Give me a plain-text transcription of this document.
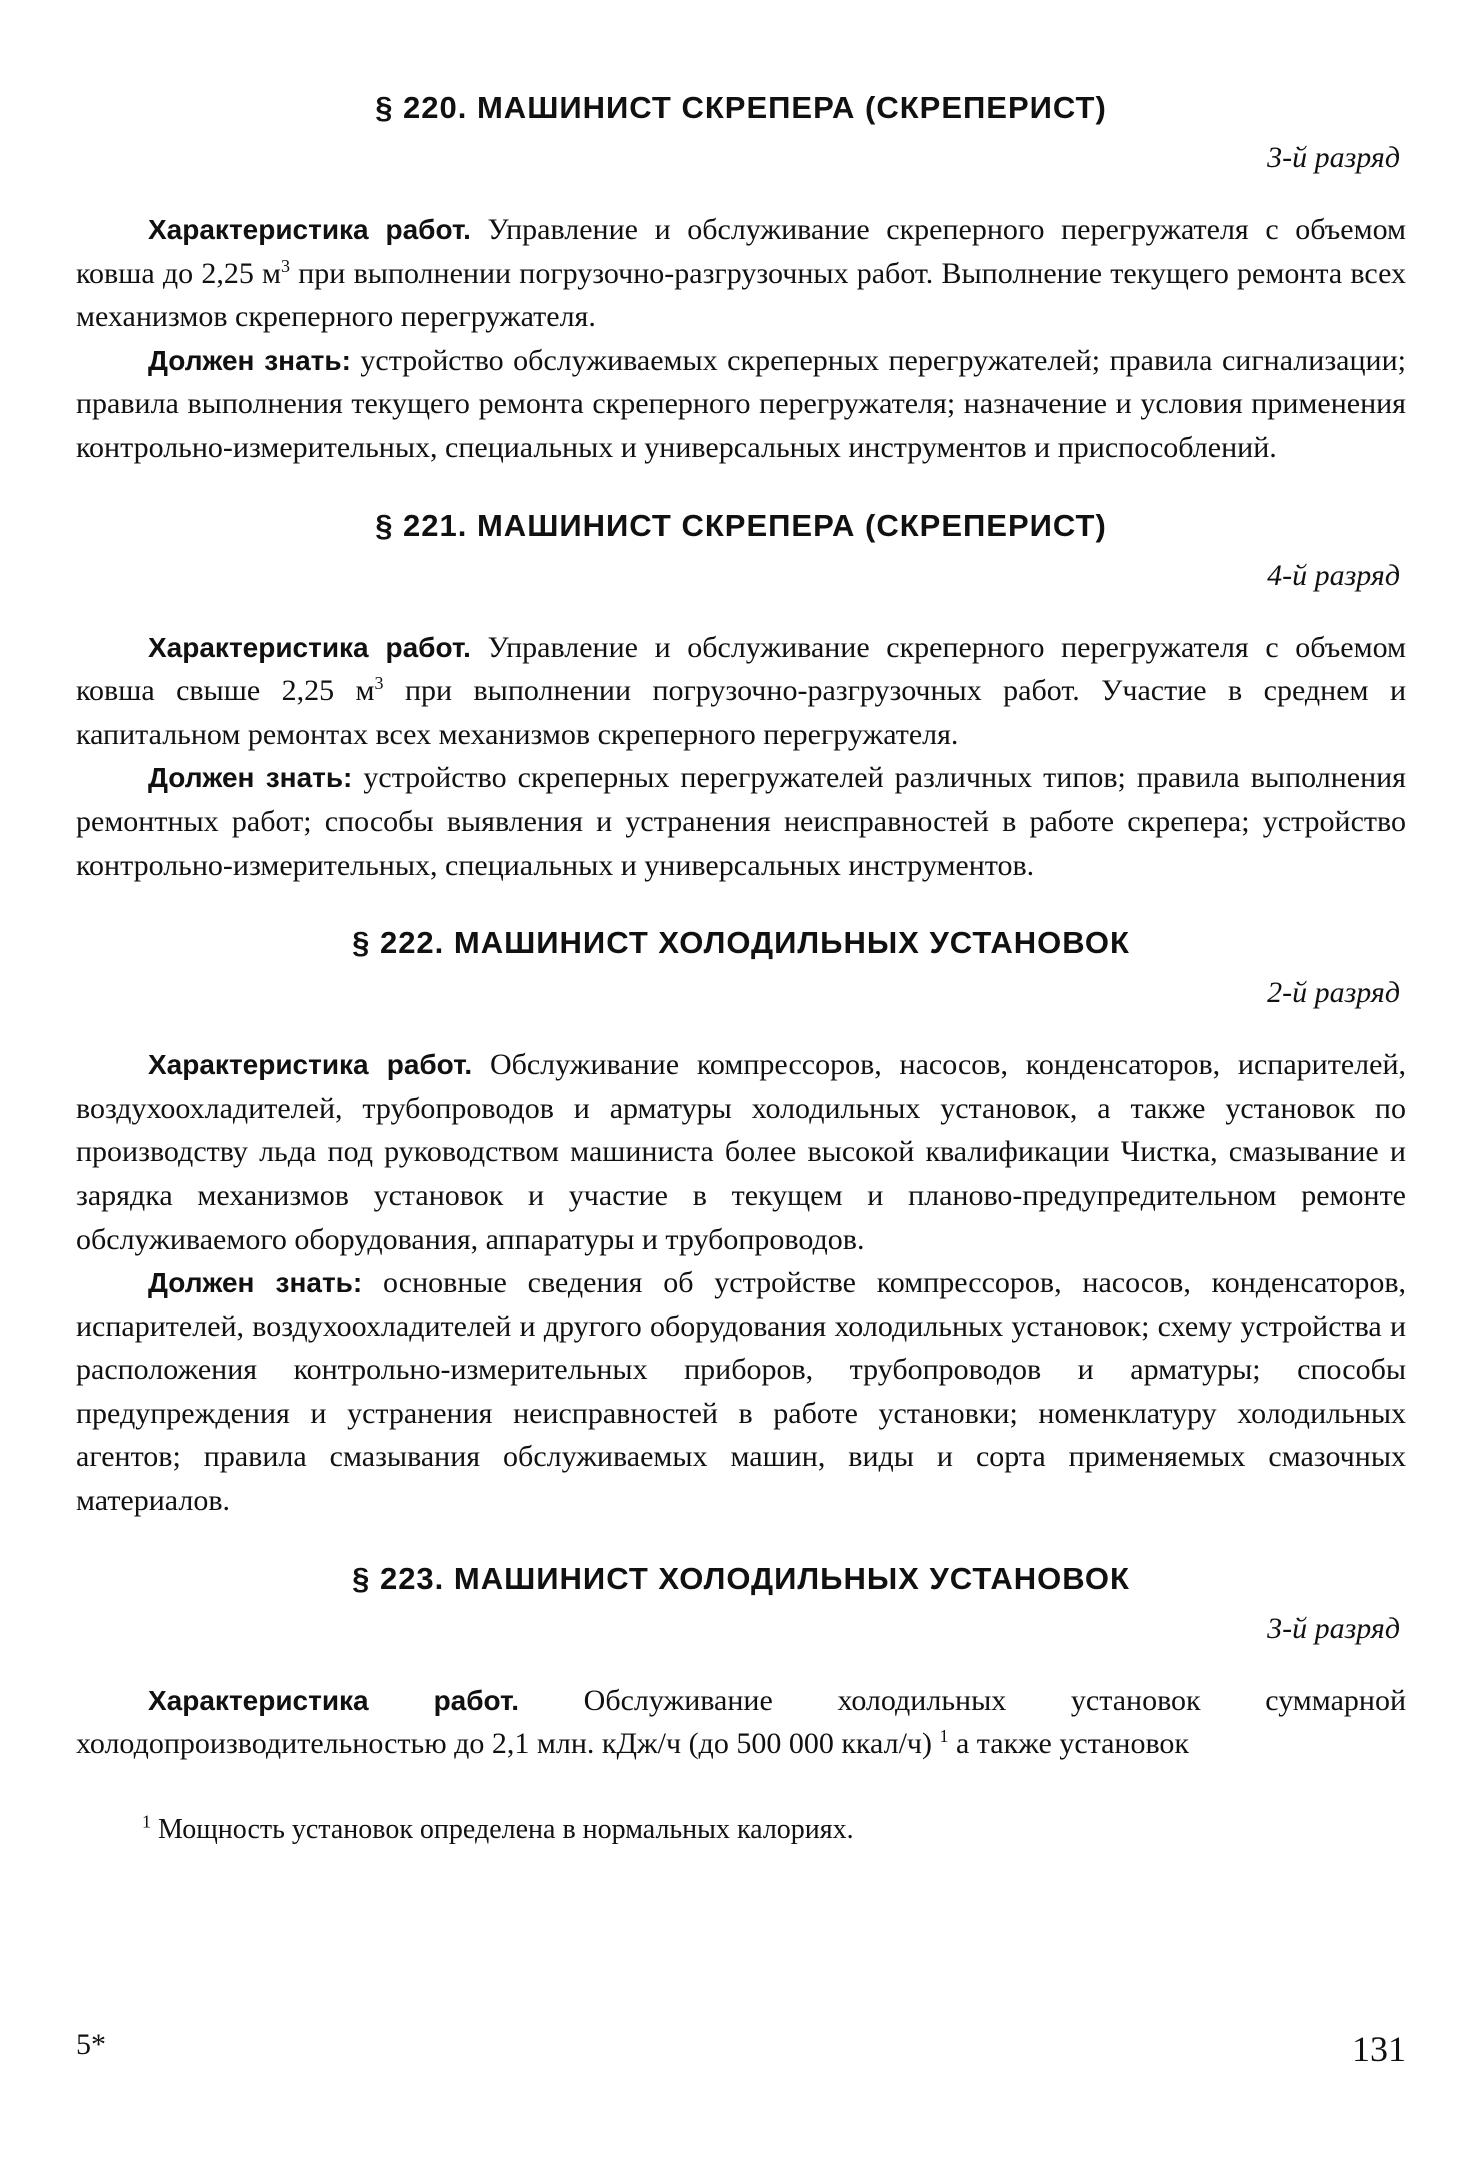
§ 220. МАШИНИСТ СКРЕПЕРА (СКРЕПЕРИСТ)

3-й разряд

Характеристика работ. Управление и обслуживание скреперного перегружателя с объемом ковша до 2,25 $м^3$ при выполнении погрузочно-разгрузочных работ. Выполнение текущего ремонта всех механизмов скреперного перегружателя.

Должен знать: устройство обслуживаемых скреперных перегружателей; правила сигнализации; правила выполнения текущего ремонта скреперного перегружателя; назначение и условия применения контрольно-измерительных, специальных и универсальных инструментов и приспособлений.

§ 221. МАШИНИСТ СКРЕПЕРА (СКРЕПЕРИСТ)

4-й разряд

Характеристика работ. Управление и обслуживание скреперного перегружателя с объемом ковша свыше 2,25 $м^3$ при выполнении погрузочно-разгрузочных работ. Участие в среднем и капитальном ремонтах всех механизмов скреперного перегружателя.

Должен знать: устройство скреперных перегружателей различных типов; правила выполнения ремонтных работ; способы выявления и устранения неисправностей в работе скрепера; устройство контрольно-измерительных, специальных и универсальных инструментов.

§ 222. МАШИНИСТ ХОЛОДИЛЬНЫХ УСТАНОВОК

2-й разряд

Характеристика работ. Обслуживание компрессоров, насосов, конденсаторов, испарителей, воздухоохладителей, трубопроводов и арматуры холодильных установок, а также установок по производству льда под руководством машиниста более высокой квалификации Чистка, смазывание и зарядка механизмов установок и участие в текущем и планово-предупредительном ремонте обслуживаемого оборудования, аппаратуры и трубопроводов.

Должен знать: основные сведения об устройстве компрессоров, насосов, конденсаторов, испарителей, воздухоохладителей и другого оборудования холодильных установок; схему устройства и расположения контрольно-измерительных приборов, трубопроводов и арматуры; способы предупреждения и устранения неисправностей в работе установки; номенклатуру холодильных агентов; правила смазывания обслуживаемых машин, виды и сорта применяемых смазочных материалов.

§ 223. МАШИНИСТ ХОЛОДИЛЬНЫХ УСТАНОВОК

3-й разряд

Характеристика работ. Обслуживание холодильных установок суммарной холодопроизводительностью до 2,1 млн. кДж/ч (до 500 000 ккал/ч) $^1$ а также установок

$^1$ Мощность установок определена в нормальных калориях.

5*	131
